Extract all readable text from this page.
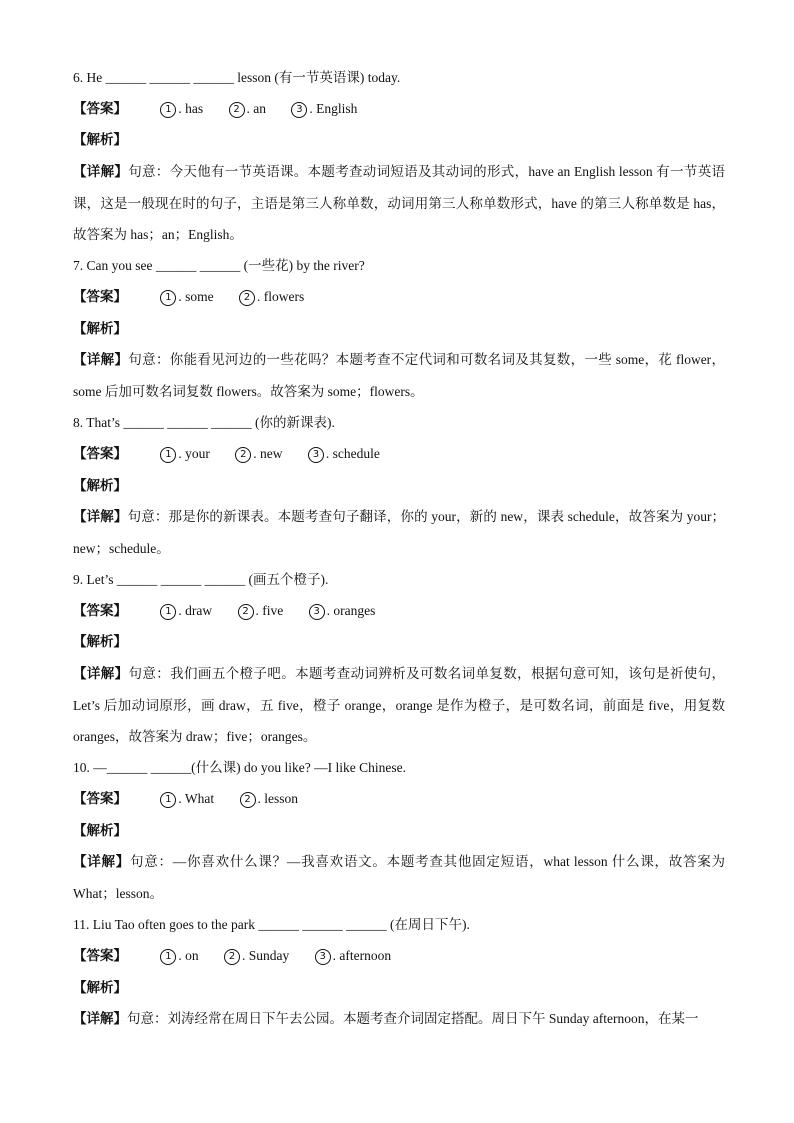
6. He ______ ______ ______ lesson (有一节英语课) today.
【答案】	1 . has	2 . an	3 . English
【解析】
【详解】句意：今天他有一节英语课。本题考查动词短语及其动词的形式，have an English lesson 有一节英语课，这是一般现在时的句子，主语是第三人称单数，动词用第三人称单数形式，have 的第三人称单数是 has，故答案为 has；an；English。
7. Can you see ______ ______ (一些花) by the river?
【答案】	1 . some	2 . flowers
【解析】
【详解】句意：你能看见河边的一些花吗？本题考查不定代词和可数名词及其复数，一些 some，花 flower，some 后加可数名词复数 flowers。故答案为 some；flowers。
8. That’s ______ ______ ______ (你的新课表).
【答案】	1 . your	2 . new	3 . schedule
【解析】
【详解】句意：那是你的新课表。本题考查句子翻译，你的 your，新的 new，课表 schedule，故答案为 your；new；schedule。
9. Let’s ______ ______ ______ (画五个橙子).
【答案】	1 . draw	2 . five	3 . oranges
【解析】
【详解】句意：我们画五个橙子吧。本题考查动词辨析及可数名词单复数，根据句意可知，该句是祈使句，Let’s 后加动词原形，画 draw，五 five，橙子 orange，orange 是作为橙子，是可数名词，前面是 five，用复数 oranges，故答案为 draw；five；oranges。
10. —______ ______(什么课) do you like? —I like Chinese.
【答案】	1 . What	2 . lesson
【解析】
【详解】句意：—你喜欢什么课？—我喜欢语文。本题考查其他固定短语，what lesson 什么课，故答案为 What；lesson。
11. Liu Tao often goes to the park ______ ______ ______ (在周日下午).
【答案】	1 . on	2 . Sunday	3 . afternoon
【解析】
【详解】句意：刘涛经常在周日下午去公园。本题考查介词固定搭配。周日下午 Sunday afternoon，在某一
